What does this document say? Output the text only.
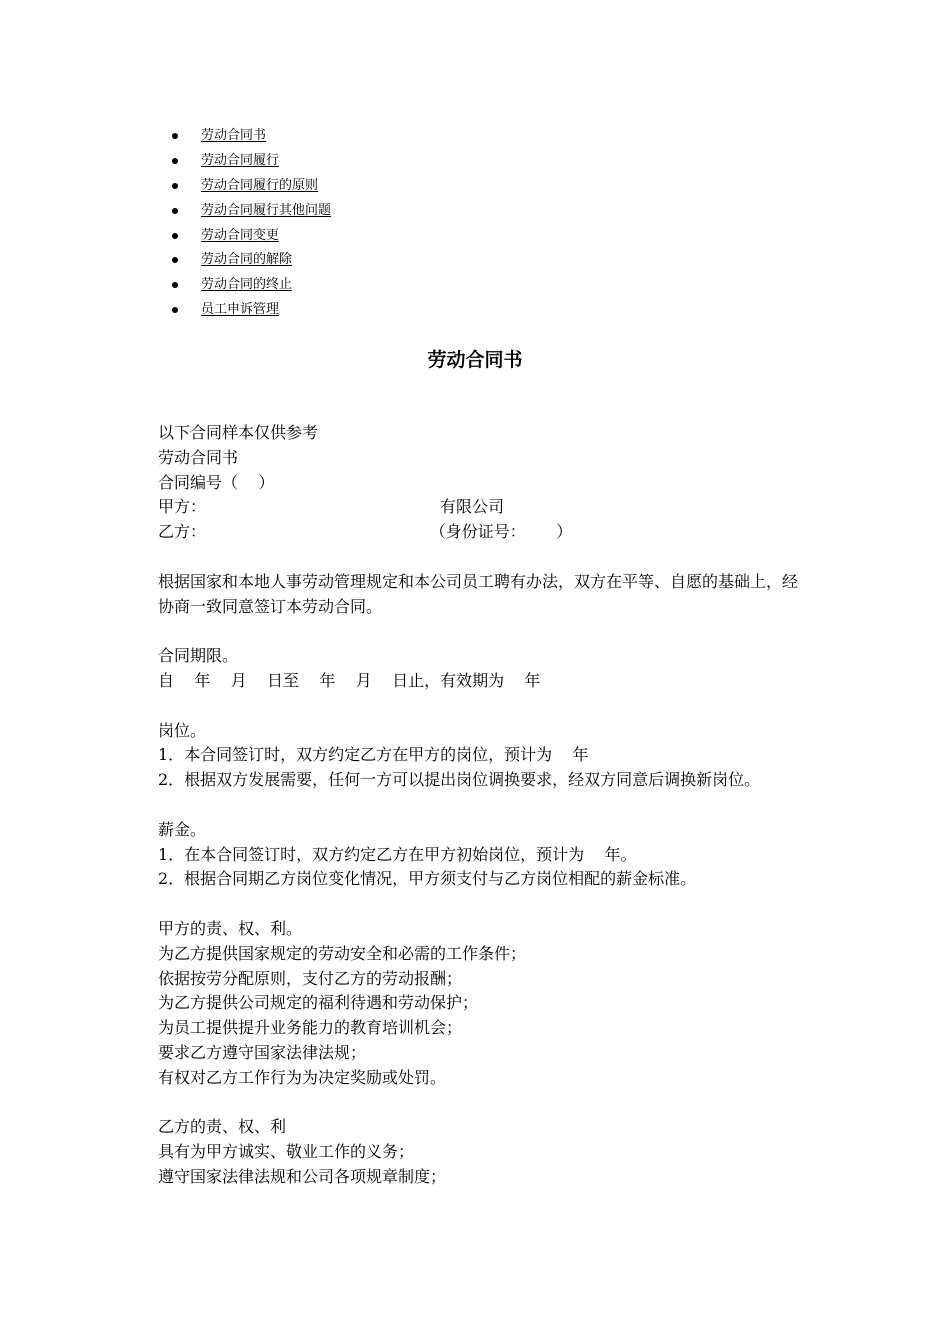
劳动合同书
劳动合同履行
劳动合同履行的原则
劳动合同履行其他问题
劳动合同变更
劳动合同的解除
劳动合同的终止
员工申诉管理
劳动合同书
以下合同样本仅供参考
劳动合同书
合同编号（    ）
甲方：                                              有限公司
乙方：                                            （身份证号：      ）
根据国家和本地人事劳动管理规定和本公司员工聘有办法，双方在平等、自愿的基础上，经协商一致同意签订本劳动合同。
合同期限。
自    年    月    日至    年    月    日止，有效期为    年
岗位。
1．本合同签订时，双方约定乙方在甲方的岗位，预计为    年
2．根据双方发展需要，任何一方可以提出岗位调换要求，经双方同意后调换新岗位。
薪金。
1．在本合同签订时，双方约定乙方在甲方初始岗位，预计为    年。
2．根据合同期乙方岗位变化情况，甲方须支付与乙方岗位相配的薪金标准。
甲方的责、权、利。
为乙方提供国家规定的劳动安全和必需的工作条件；
依据按劳分配原则，支付乙方的劳动报酬；
为乙方提供公司规定的福利待遇和劳动保护；
为员工提供提升业务能力的教育培训机会；
要求乙方遵守国家法律法规；
有权对乙方工作行为为决定奖励或处罚。
乙方的责、权、利
具有为甲方诚实、敬业工作的义务；
遵守国家法律法规和公司各项规章制度；
